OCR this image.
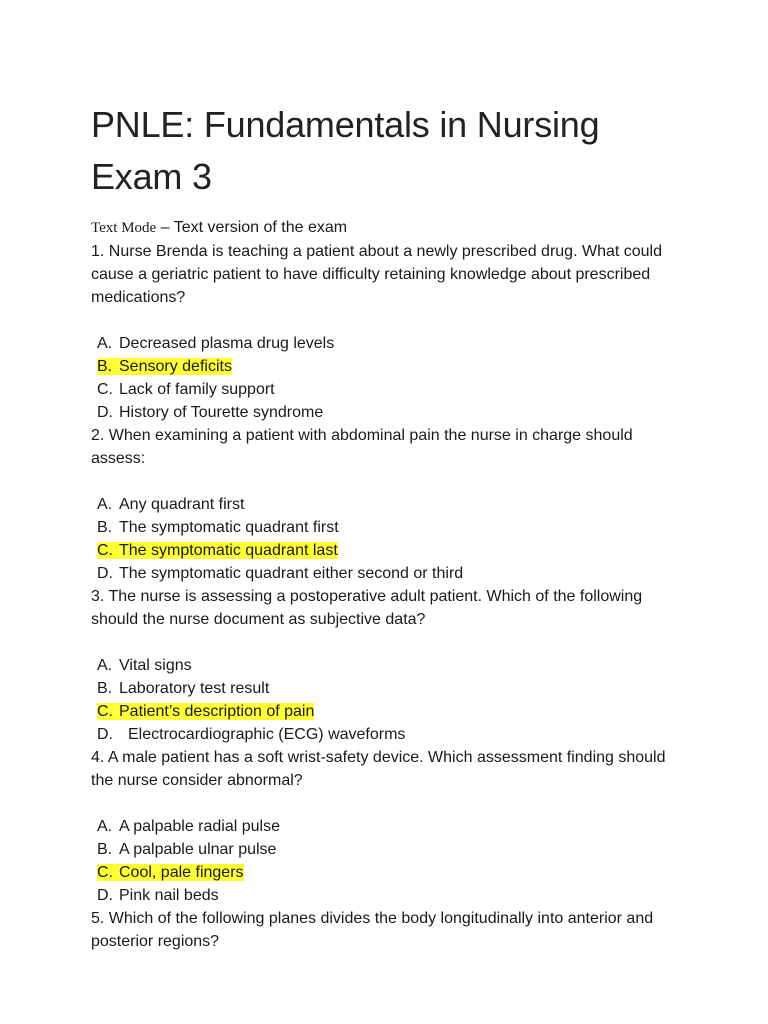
PNLE: Fundamentals in Nursing Exam 3
Text Mode – Text version of the exam
1. Nurse Brenda is teaching a patient about a newly prescribed drug. What could cause a geriatric patient to have difficulty retaining knowledge about prescribed medications?
A. Decreased plasma drug levels
B. Sensory deficits
C. Lack of family support
D. History of Tourette syndrome
2. When examining a patient with abdominal pain the nurse in charge should assess:
A. Any quadrant first
B. The symptomatic quadrant first
C. The symptomatic quadrant last
D. The symptomatic quadrant either second or third
3. The nurse is assessing a postoperative adult patient. Which of the following should the nurse document as subjective data?
A. Vital signs
B. Laboratory test result
C. Patient’s description of pain
D. Electrocardiographic (ECG) waveforms
4. A male patient has a soft wrist-safety device. Which assessment finding should the nurse consider abnormal?
A. A palpable radial pulse
B. A palpable ulnar pulse
C. Cool, pale fingers
D. Pink nail beds
5. Which of the following planes divides the body longitudinally into anterior and posterior regions?
